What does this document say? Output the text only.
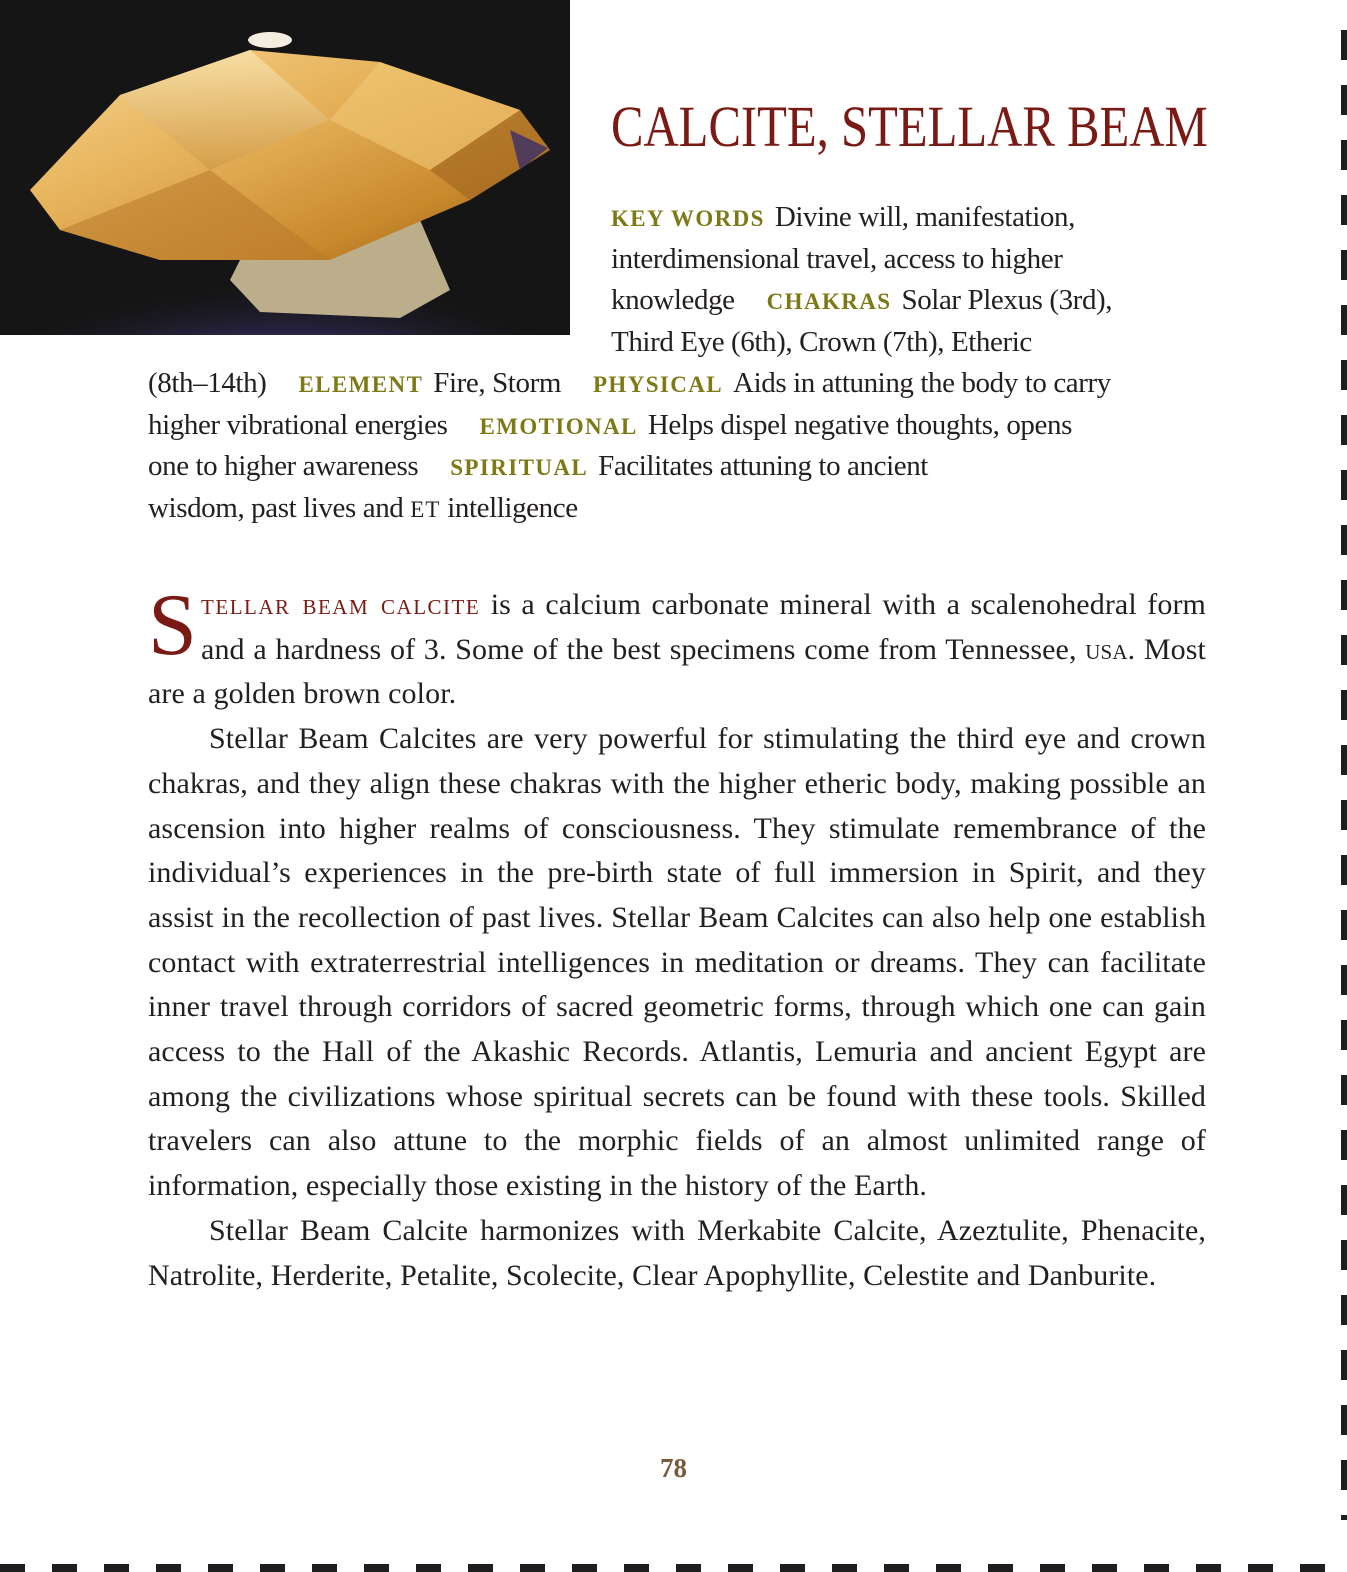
CALCITE, STELLAR BEAM
KEY WORDS Divine will, manifestation,
interdimensional travel, access to higher
knowledge CHAKRAS Solar Plexus (3rd),
Third Eye (6th), Crown (7th), Etheric
(8th–14th) ELEMENT Fire, Storm PHYSICAL Aids in attuning the body to carry
higher vibrational energies EMOTIONAL Helps dispel negative thoughts, opens
one to higher awareness SPIRITUAL Facilitates attuning to ancient
wisdom, past lives and ET intelligence

Stellar beam calcite is a calcium carbonate mineral with a scalenohedral form and a hardness of 3. Some of the best specimens come from Tennessee, usa. Most are a golden brown color.

Stellar Beam Calcites are very powerful for stimulating the third eye and crown chakras, and they align these chakras with the higher etheric body, making possible an ascension into higher realms of consciousness. They stimulate remembrance of the individual’s experiences in the pre-birth state of full immersion in Spirit, and they assist in the recollection of past lives. Stellar Beam Calcites can also help one establish contact with extraterrestrial intelligences in meditation or dreams. They can facilitate inner travel through corridors of sacred geometric forms, through which one can gain access to the Hall of the Akashic Records. Atlantis, Lemuria and ancient Egypt are among the civilizations whose spiritual secrets can be found with these tools. Skilled travelers can also attune to the morphic fields of an almost unlimited range of information, especially those existing in the history of the Earth.

Stellar Beam Calcite harmonizes with Merkabite Calcite, Azeztulite, Phenacite, Natrolite, Herderite, Petalite, Scolecite, Clear Apophyllite, Celestite and Danburite.

78
